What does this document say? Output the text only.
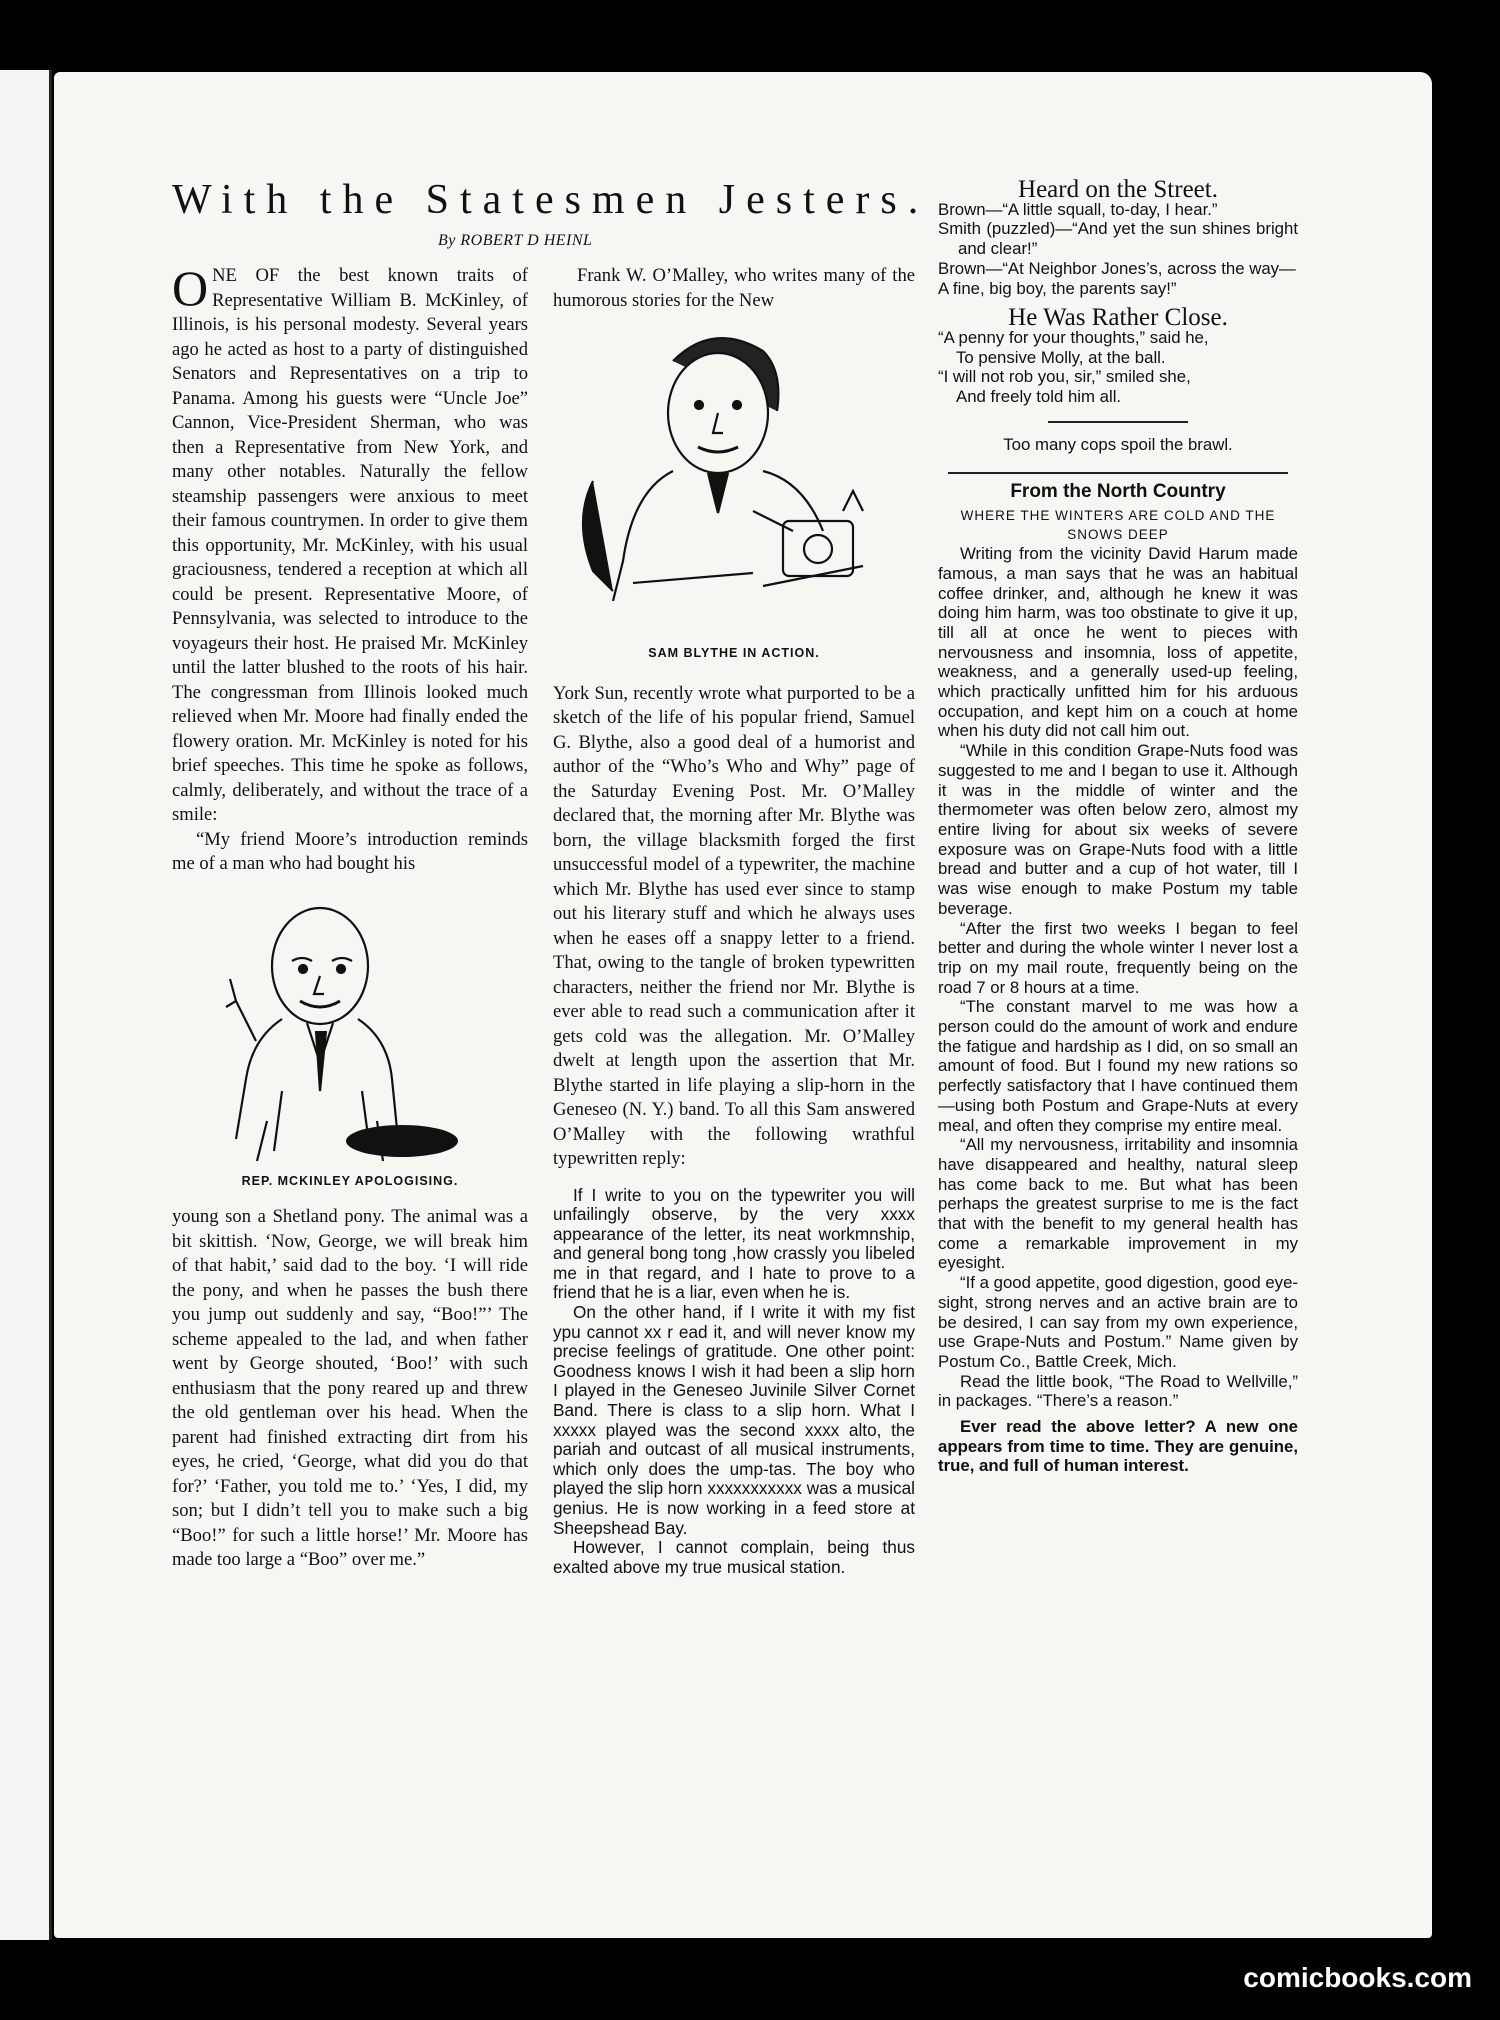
With the Statesmen Jesters.
By ROBERT D HEINL

ONE OF the best known traits of Representative William B. McKinley, of Illinois, is his personal modesty. Several years ago he acted as host to a party of distinguished Senators and Representatives on a trip to Panama. Among his guests were “Uncle Joe” Cannon, Vice-President Sherman, who was then a Representative from New York, and many other notables. Naturally the fellow steamship passengers were anxious to meet their famous countrymen. In order to give them this opportunity, Mr. McKinley, with his usual graciousness, tendered a reception at which all could be present. Representative Moore, of Pennsylvania, was selected to introduce to the voyageurs their host. He praised Mr. McKinley until the latter blushed to the roots of his hair. The congressman from Illinois looked much relieved when Mr. Moore had finally ended the flowery oration. Mr. McKinley is noted for his brief speeches. This time he spoke as follows, calmly, deliberately, and without the trace of a smile:

“My friend Moore’s introduction reminds me of a man who had bought his

REP. MCKINLEY APOLOGISING.

young son a Shetland pony. The animal was a bit skittish. ‘Now, George, we will break him of that habit,’ said dad to the boy. ‘I will ride the pony, and when he passes the bush there you jump out suddenly and say, “Boo!”’ The scheme appealed to the lad, and when father went by George shouted, ‘Boo!’ with such enthusiasm that the pony reared up and threw the old gentleman over his head. When the parent had finished extracting dirt from his eyes, he cried, ‘George, what did you do that for?’ ‘Father, you told me to.’ ‘Yes, I did, my son; but I didn’t tell you to make such a big “Boo!” for such a little horse!’ Mr. Moore has made too large a “Boo” over me.”

Frank W. O’Malley, who writes many of the humorous stories for the New

SAM BLYTHE IN ACTION.

York Sun, recently wrote what purported to be a sketch of the life of his popular friend, Samuel G. Blythe, also a good deal of a humorist and author of the “Who’s Who and Why” page of the Saturday Evening Post. Mr. O’Malley declared that, the morning after Mr. Blythe was born, the village blacksmith forged the first unsuccessful model of a typewriter, the machine which Mr. Blythe has used ever since to stamp out his literary stuff and which he always uses when he eases off a snappy letter to a friend. That, owing to the tangle of broken typewritten characters, neither the friend nor Mr. Blythe is ever able to read such a communication after it gets cold was the allegation. Mr. O’Malley dwelt at length upon the assertion that Mr. Blythe started in life playing a slip-horn in the Geneseo (N. Y.) band. To all this Sam answered O’Malley with the following wrathful typewritten reply:

If I write to you on the typewriter you will unfailingly observe, by the very xxxx appearance of the letter, its neat workmnship, and general bong tong ,how crassly you libeled me in that regard, and I hate to prove to a friend that he is a liar, even when he is.

On the other hand, if I write it with my fist ypu cannot xx r ead it, and will never know my precise feelings of gratitude. One other point: Goodness knows I wish it had been a slip horn I played in the Geneseo Juvinile Silver Cornet Band. There is class to a slip horn. What I xxxxx played was the second xxxx alto, the pariah and outcast of all musical instruments, which only does the ump-tas. The boy who played the slip horn xxxxxxxxxxx was a musical genius. He is now working in a feed store at Sheepshead Bay.

However, I cannot complain, being thus exalted above my true musical station.

Heard on the Street.
Brown—“A little squall, to-day, I hear.”
Smith (puzzled)—“And yet the sun shines bright and clear!”
Brown—“At Neighbor Jones’s, across the way—
A fine, big boy, the parents say!”
He Was Rather Close.
“A penny for your thoughts,” said he,
To pensive Molly, at the ball.
“I will not rob you, sir,” smiled she,
And freely told him all.
Too many cops spoil the brawl.
From the North Country
WHERE THE WINTERS ARE COLD AND THE SNOWS DEEP

Writing from the vicinity David Harum made famous, a man says that he was an habitual coffee drinker, and, although he knew it was doing him harm, was too obstinate to give it up, till all at once he went to pieces with nervousness and insomnia, loss of appetite, weakness, and a generally used-up feeling, which practically unfitted him for his arduous occupation, and kept him on a couch at home when his duty did not call him out.

“While in this condition Grape-Nuts food was suggested to me and I began to use it. Although it was in the middle of winter and the thermometer was often below zero, almost my entire living for about six weeks of severe exposure was on Grape-Nuts food with a little bread and butter and a cup of hot water, till I was wise enough to make Postum my table beverage.

“After the first two weeks I began to feel better and during the whole winter I never lost a trip on my mail route, frequently being on the road 7 or 8 hours at a time.

“The constant marvel to me was how a person could do the amount of work and endure the fatigue and hardship as I did, on so small an amount of food. But I found my new rations so perfectly satisfactory that I have continued them —using both Postum and Grape-Nuts at every meal, and often they comprise my entire meal.

“All my nervousness, irritability and insomnia have disappeared and healthy, natural sleep has come back to me. But what has been perhaps the greatest surprise to me is the fact that with the benefit to my general health has come a remarkable improvement in my eyesight.

“If a good appetite, good digestion, good eye-sight, strong nerves and an active brain are to be desired, I can say from my own experience, use Grape-Nuts and Postum.” Name given by Postum Co., Battle Creek, Mich.

Read the little book, “The Road to Wellville,” in packages. “There’s a reason.”

Ever read the above letter? A new one appears from time to time. They are genuine, true, and full of human interest.

comicbooks.com
